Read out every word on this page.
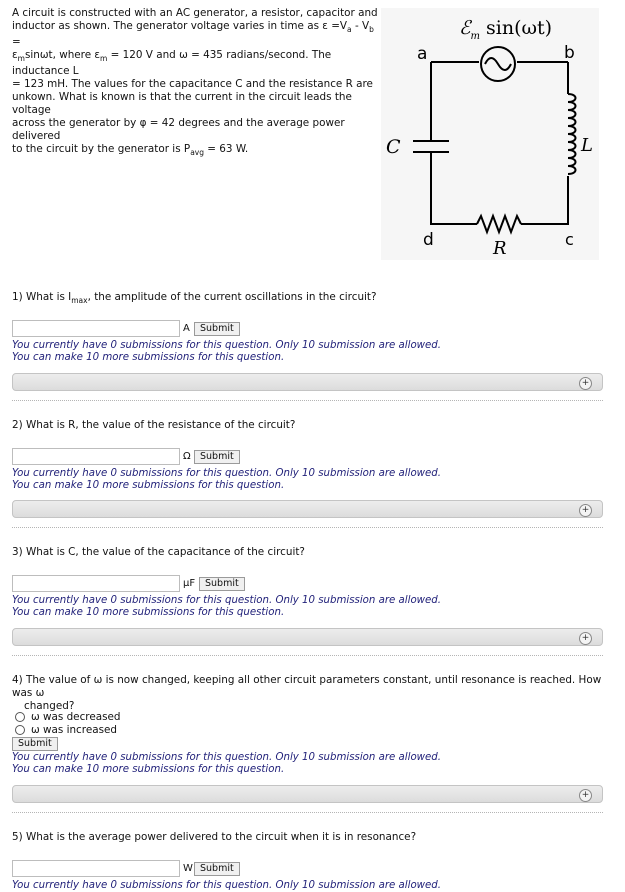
A circuit is constructed with an AC generator, a resistor, capacitor and
inductor as shown. The generator voltage varies in time as $\varepsilon =V_a - V_b$ =
$\varepsilon_m\sin\omega t$, where $\varepsilon_m = 120$ V and ω = 435 radians/second. The inductance L
= 123 mH. The values for the capacitance C and the resistance R are
unkown. What is known is that the current in the circuit leads the voltage
across the generator by φ = 42 degrees and the average power delivered
to the circuit by the generator is $P_{avg} = 63$ W.
ℰ$_m$ sin(ωt)
a	b
c
d
C	L
R
1) What is $I_{max}$, the amplitude of the current oscillations in the circuit?
A	Submit
You currently have 0 submissions for this question. Only 10 submission are allowed.
You can make 10 more submissions for this question.
+
2) What is R, the value of the resistance of the circuit?
Ω Submit
You currently have 0 submissions for this question. Only 10 submission are allowed.
You can make 10 more submissions for this question.
+
3) What is C, the value of the capacitance of the circuit?
μF	Submit
You currently have 0 submissions for this question. Only 10 submission are allowed.
You can make 10 more submissions for this question.
+
4) The value of ω is now changed, keeping all other circuit parameters constant, until resonance is reached. How was ω
changed?
ω was decreased
ω was increased
Submit
You currently have 0 submissions for this question. Only 10 submission are allowed.
You can make 10 more submissions for this question.
+
5) What is the average power delivered to the circuit when it is in resonance?
W Submit
You currently have 0 submissions for this question. Only 10 submission are allowed.
